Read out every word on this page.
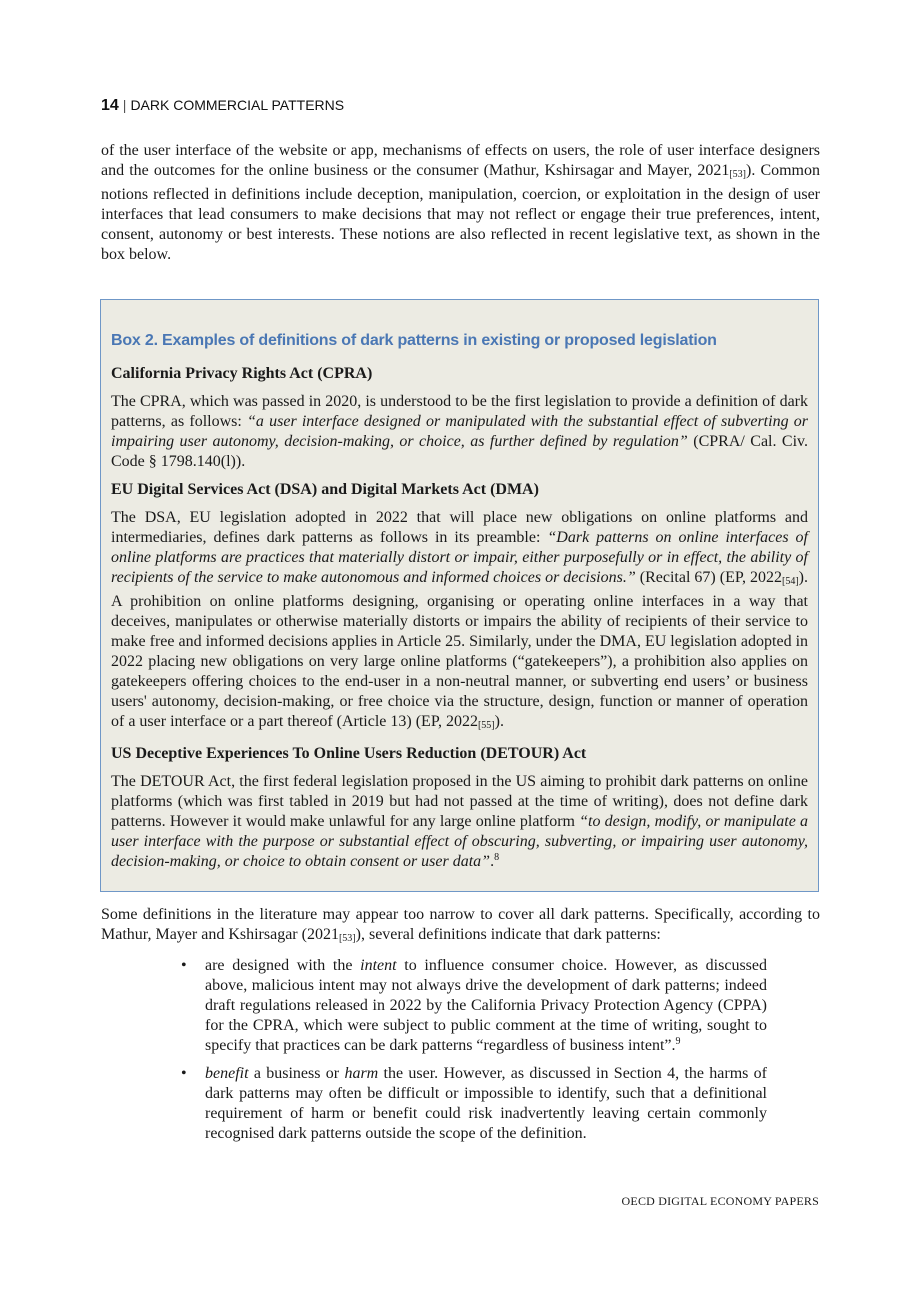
14 | DARK COMMERCIAL PATTERNS

of the user interface of the website or app, mechanisms of effects on users, the role of user interface designers and the outcomes for the online business or the consumer (Mathur, Kshirsagar and Mayer, 2021[53]). Common notions reflected in definitions include deception, manipulation, coercion, or exploitation in the design of user interfaces that lead consumers to make decisions that may not reflect or engage their true preferences, intent, consent, autonomy or best interests. These notions are also reflected in recent legislative text, as shown in the box below.

Box 2. Examples of definitions of dark patterns in existing or proposed legislation
California Privacy Rights Act (CPRA)

The CPRA, which was passed in 2020, is understood to be the first legislation to provide a definition of dark patterns, as follows: “a user interface designed or manipulated with the substantial effect of subverting or impairing user autonomy, decision-making, or choice, as further defined by regulation” (CPRA/ Cal. Civ. Code § 1798.140(l)).

EU Digital Services Act (DSA) and Digital Markets Act (DMA)

The DSA, EU legislation adopted in 2022 that will place new obligations on online platforms and intermediaries, defines dark patterns as follows in its preamble: “Dark patterns on online interfaces of online platforms are practices that materially distort or impair, either purposefully or in effect, the ability of recipients of the service to make autonomous and informed choices or decisions.” (Recital 67) (EP, 2022[54]). A prohibition on online platforms designing, organising or operating online interfaces in a way that deceives, manipulates or otherwise materially distorts or impairs the ability of recipients of their service to make free and informed decisions applies in Article 25. Similarly, under the DMA, EU legislation adopted in 2022 placing new obligations on very large online platforms (“gatekeepers”), a prohibition also applies on gatekeepers offering choices to the end-user in a non-neutral manner, or subverting end users’ or business users' autonomy, decision-making, or free choice via the structure, design, function or manner of operation of a user interface or a part thereof (Article 13) (EP, 2022[55]).

US Deceptive Experiences To Online Users Reduction (DETOUR) Act

The DETOUR Act, the first federal legislation proposed in the US aiming to prohibit dark patterns on online platforms (which was first tabled in 2019 but had not passed at the time of writing), does not define dark patterns. However it would make unlawful for any large online platform “to design, modify, or manipulate a user interface with the purpose or substantial effect of obscuring, subverting, or impairing user autonomy, decision-making, or choice to obtain consent or user data”.$^8$

Some definitions in the literature may appear too narrow to cover all dark patterns. Specifically, according to Mathur, Mayer and Kshirsagar (2021[53]), several definitions indicate that dark patterns:

• are designed with the intent to influence consumer choice. However, as discussed above, malicious intent may not always drive the development of dark patterns; indeed draft regulations released in 2022 by the California Privacy Protection Agency (CPPA) for the CPRA, which were subject to public comment at the time of writing, sought to specify that practices can be dark patterns “regardless of business intent”.$^9$
• benefit a business or harm the user. However, as discussed in Section 4, the harms of dark patterns may often be difficult or impossible to identify, such that a definitional requirement of harm or benefit could risk inadvertently leaving certain commonly recognised dark patterns outside the scope of the definition.
OECD DIGITAL ECONOMY PAPERS
